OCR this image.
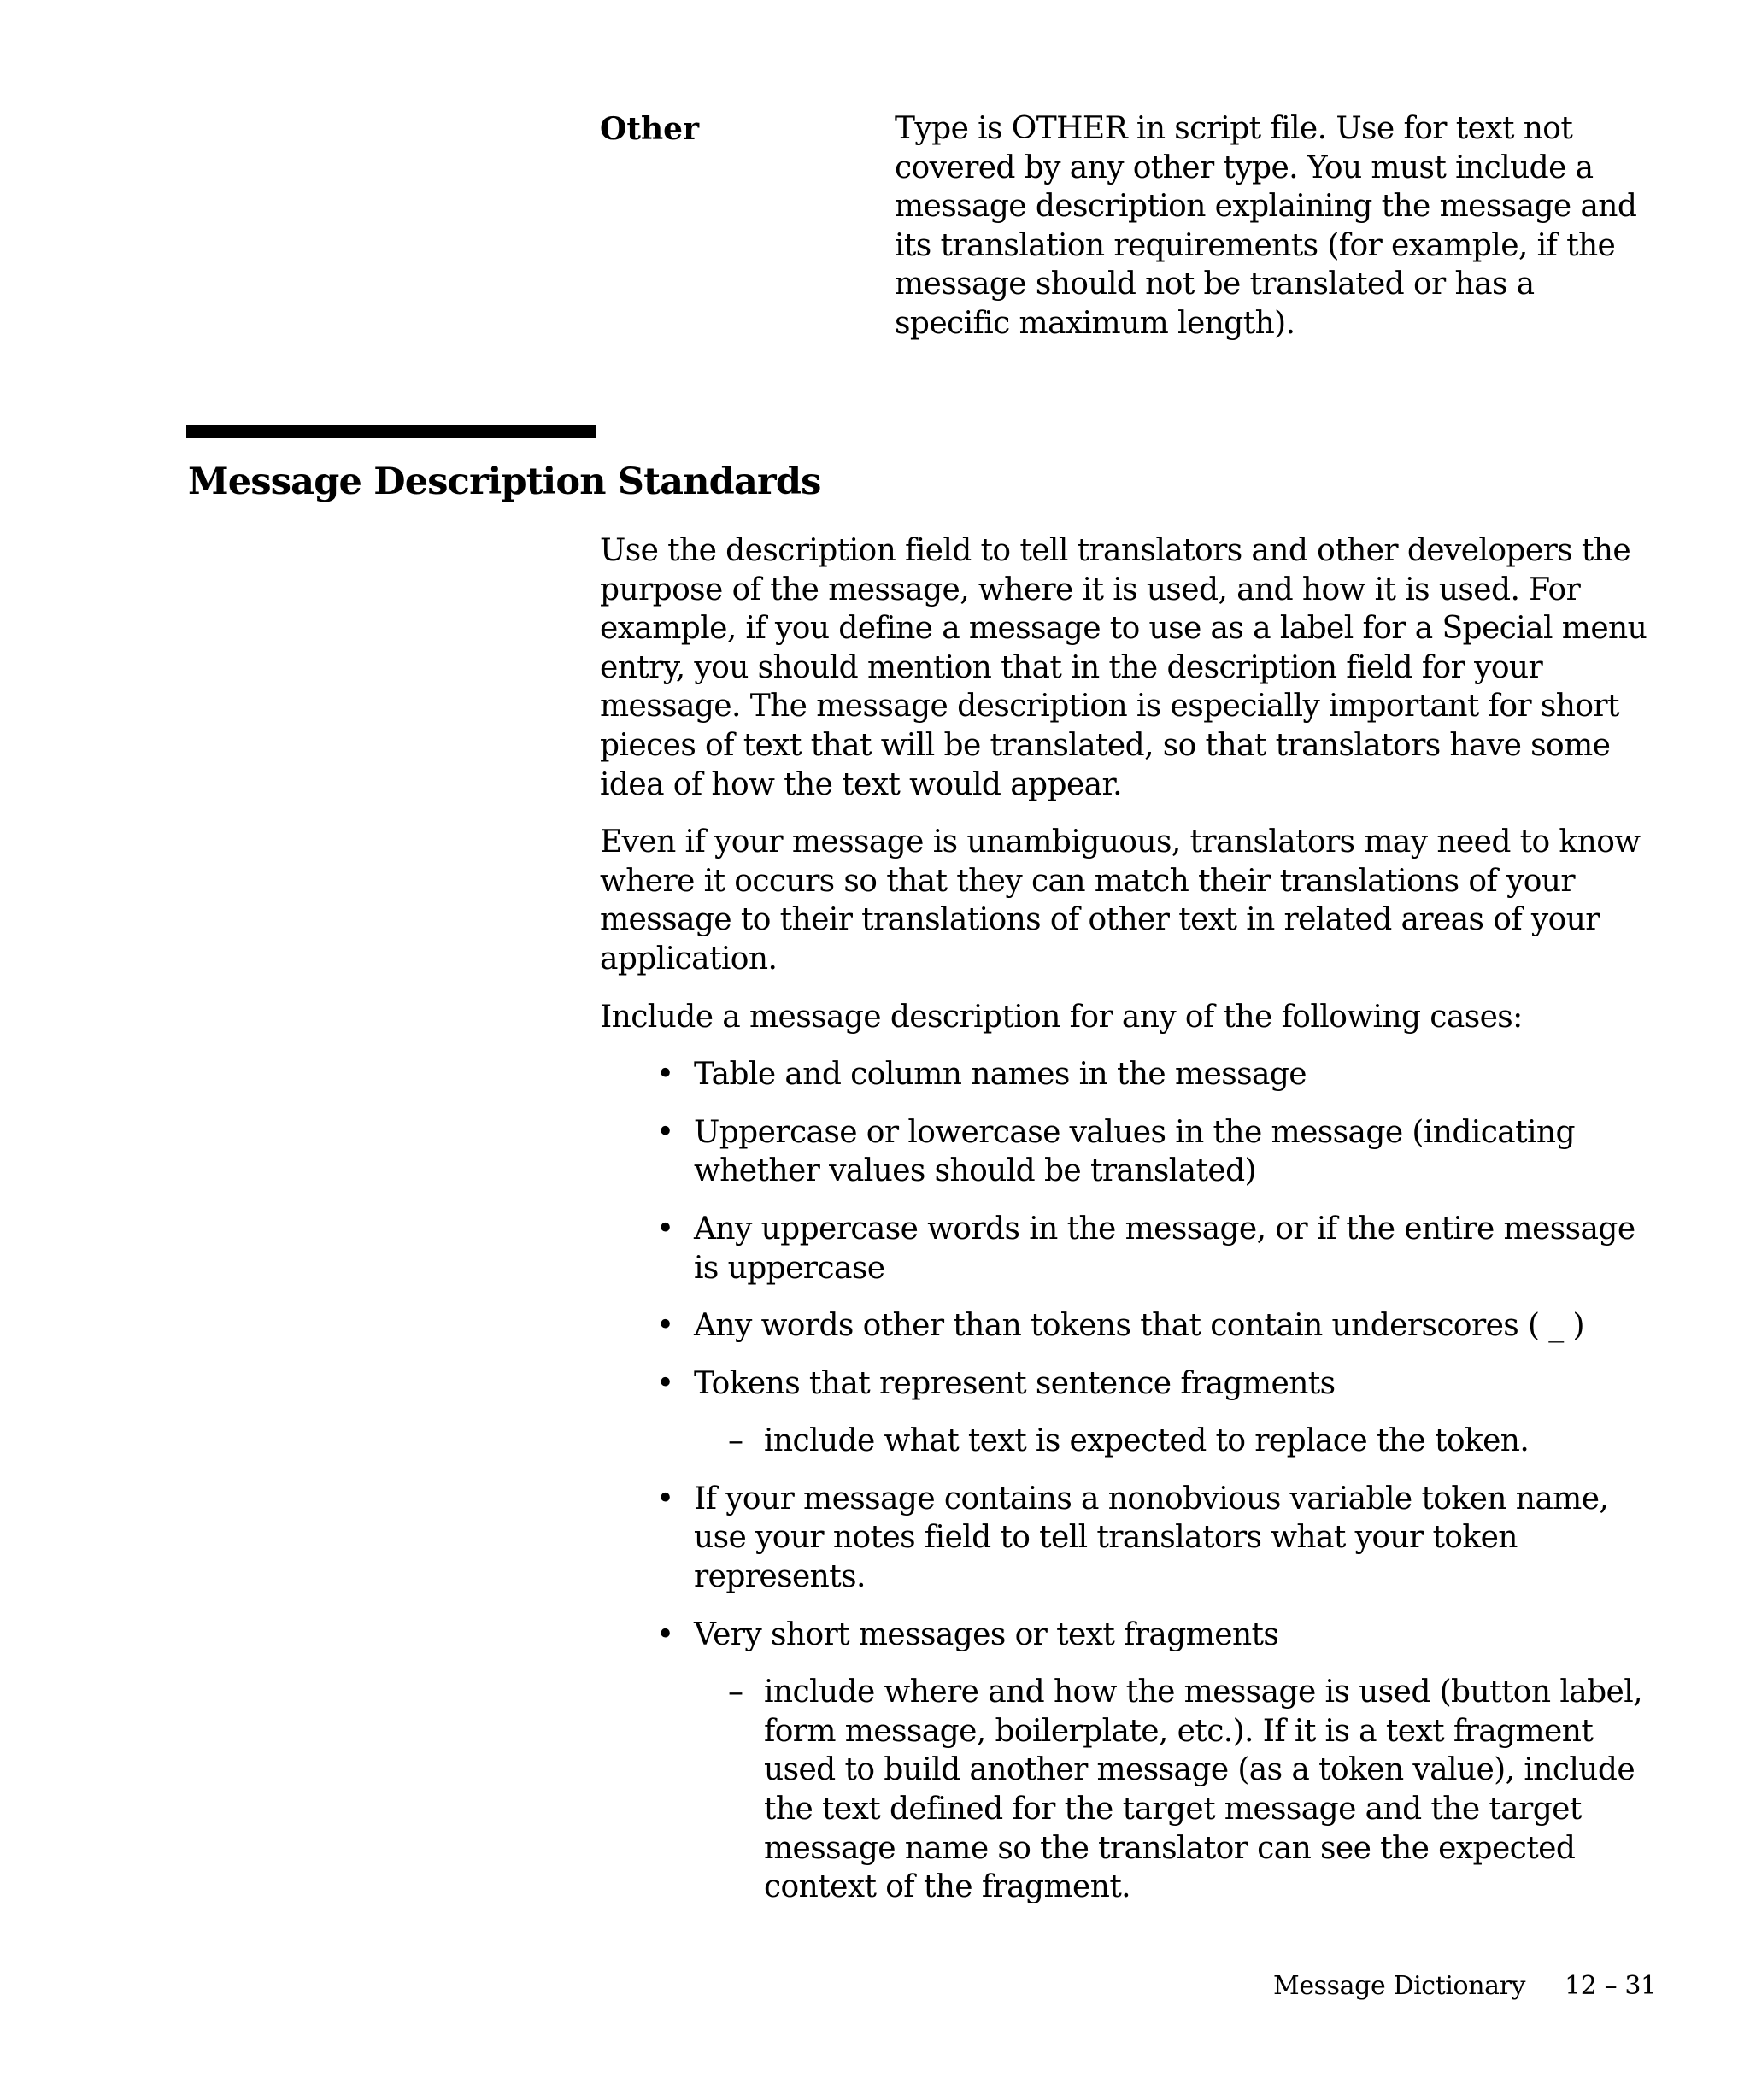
Other	Type is OTHER in script file. Use for text not covered by any other type. You must include a message description explaining the message and its translation requirements (for example, if the message should not be translated or has a specific maximum length).

Message Description Standards

Use the description field to tell translators and other developers the purpose of the message, where it is used, and how it is used. For example, if you define a message to use as a label for a Special menu entry, you should mention that in the description field for your message. The message description is especially important for short pieces of text that will be translated, so that translators have some idea of how the text would appear.

Even if your message is unambiguous, translators may need to know where it occurs so that they can match their translations of your message to their translations of other text in related areas of your application.

Include a message description for any of the following cases:

• Table and column names in the message
• Uppercase or lowercase values in the message (indicating whether values should be translated)
• Any uppercase words in the message, or if the entire message is uppercase
• Any words other than tokens that contain underscores ( _ )
• Tokens that represent sentence fragments
– include what text is expected to replace the token.
• If your message contains a nonobvious variable token name, use your notes field to tell translators what your token represents.
• Very short messages or text fragments
– include where and how the message is used (button label, form message, boilerplate, etc.). If it is a text fragment used to build another message (as a token value), include the text defined for the target message and the target message name so the translator can see the expected context of the fragment.
Message Dictionary 12 – 31
